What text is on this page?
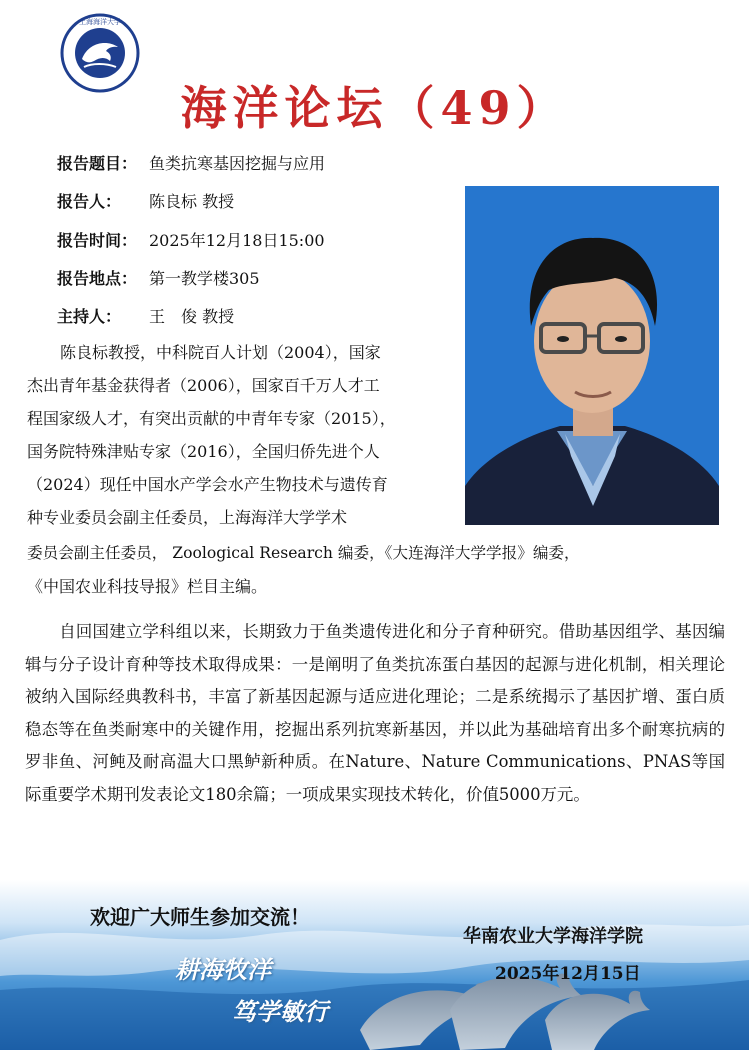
上海海洋大学
海洋论坛（49）
报告题目： 鱼类抗寒基因挖掘与应用
报告人： 陈良标 教授
报告时间： 2025年12月18日15:00
报告地点： 第一教学楼305
主持人： 王　俊 教授
陈良标教授，中科院百人计划（2004），国家
杰出青年基金获得者（2006），国家百千万人才工
程国家级人才，有突出贡献的中青年专家（2015），
国务院特殊津贴专家（2016），全国归侨先进个人
（2024）现任中国水产学会水产生物技术与遗传育
种专业委员会副主任委员，上海海洋大学学术
委员会副主任委员， Zoological Research 编委，《大连海洋大学学报》编委，
《中国农业科技导报》栏目主编。

自回国建立学科组以来，长期致力于鱼类遗传进化和分子育种研究。借助基因组学、基因编辑与分子设计育种等技术取得成果：一是阐明了鱼类抗冻蛋白基因的起源与进化机制，相关理论被纳入国际经典教科书，丰富了新基因起源与适应进化理论；二是系统揭示了基因扩增、蛋白质稳态等在鱼类耐寒中的关键作用，挖掘出系列抗寒新基因，并以此为基础培育出多个耐寒抗病的罗非鱼、河鲀及耐高温大口黑鲈新种质。在Nature、Nature Communications、PNAS等国际重要学术期刊发表论文180余篇；一项成果实现技术转化，价值5000万元。

欢迎广大师生参加交流！
耕海牧洋
笃学敏行
华南农业大学海洋学院
2025年12月15日
